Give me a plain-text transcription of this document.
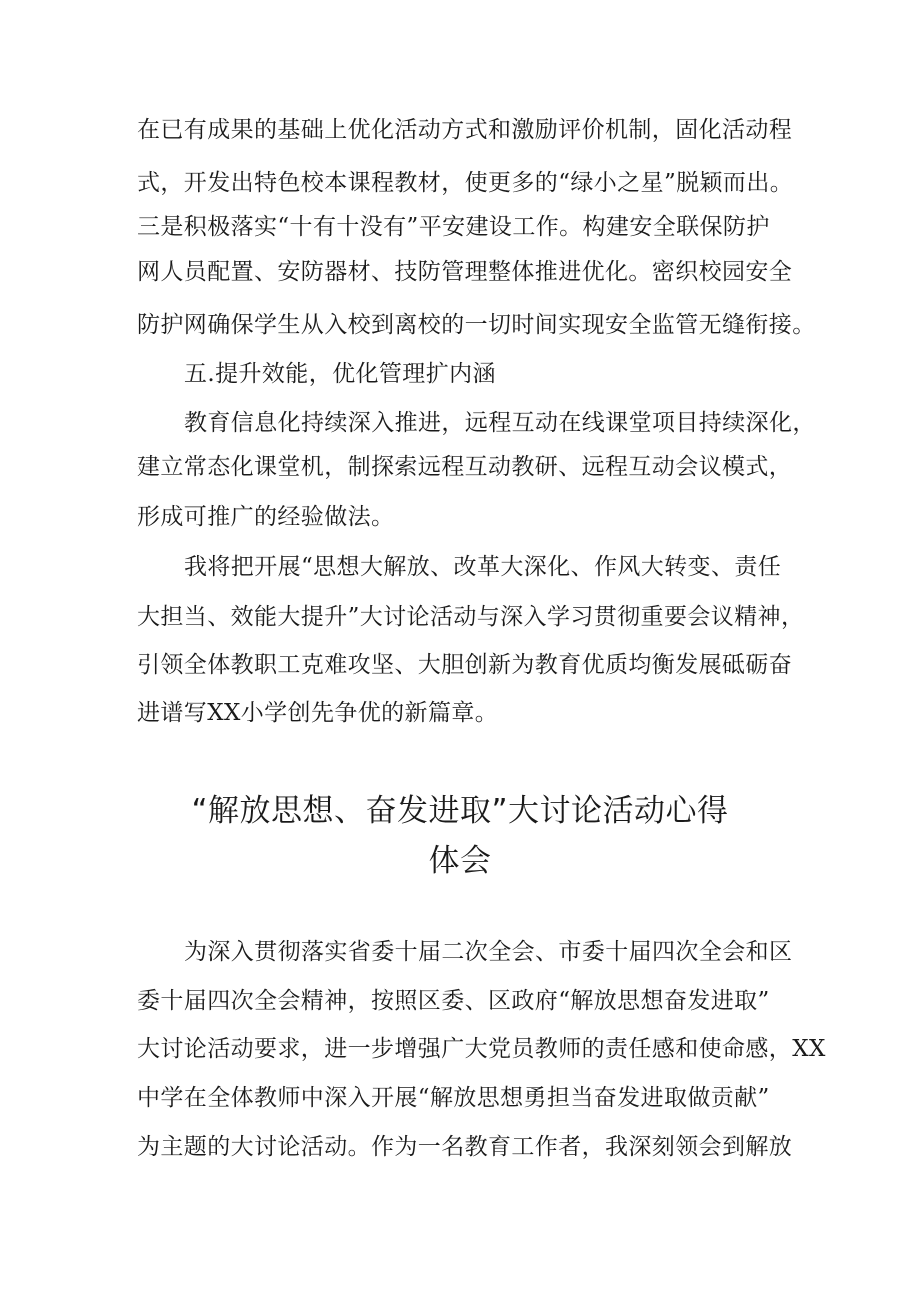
在已有成果的基础上优化活动方式和激励评价机制，固化活动程
式，开发出特色校本课程教材，使更多的“绿小之星”脱颖而出。
三是积极落实“十有十没有”平安建设工作。构建安全联保防护
网人员配置、安防器材、技防管理整体推进优化。密织校园安全
防护网确保学生从入校到离校的一切时间实现安全监管无缝衔接。
五.提升效能，优化管理扩内涵
教育信息化持续深入推进，远程互动在线课堂项目持续深化，
建立常态化课堂机，制探索远程互动教研、远程互动会议模式，
形成可推广的经验做法。
我将把开展“思想大解放、改革大深化、作风大转变、责任
大担当、效能大提升”大讨论活动与深入学习贯彻重要会议精神，
引领全体教职工克难攻坚、大胆创新为教育优质均衡发展砥砺奋
进谱写XX小学创先争优的新篇章。
“解放思想、奋发进取”大讨论活动心得
体会
为深入贯彻落实省委十届二次全会、市委十届四次全会和区
委十届四次全会精神，按照区委、区政府“解放思想奋发进取”
大讨论活动要求，进一步增强广大党员教师的责任感和使命感，XX
中学在全体教师中深入开展“解放思想勇担当奋发进取做贡献”
为主题的大讨论活动。作为一名教育工作者，我深刻领会到解放
